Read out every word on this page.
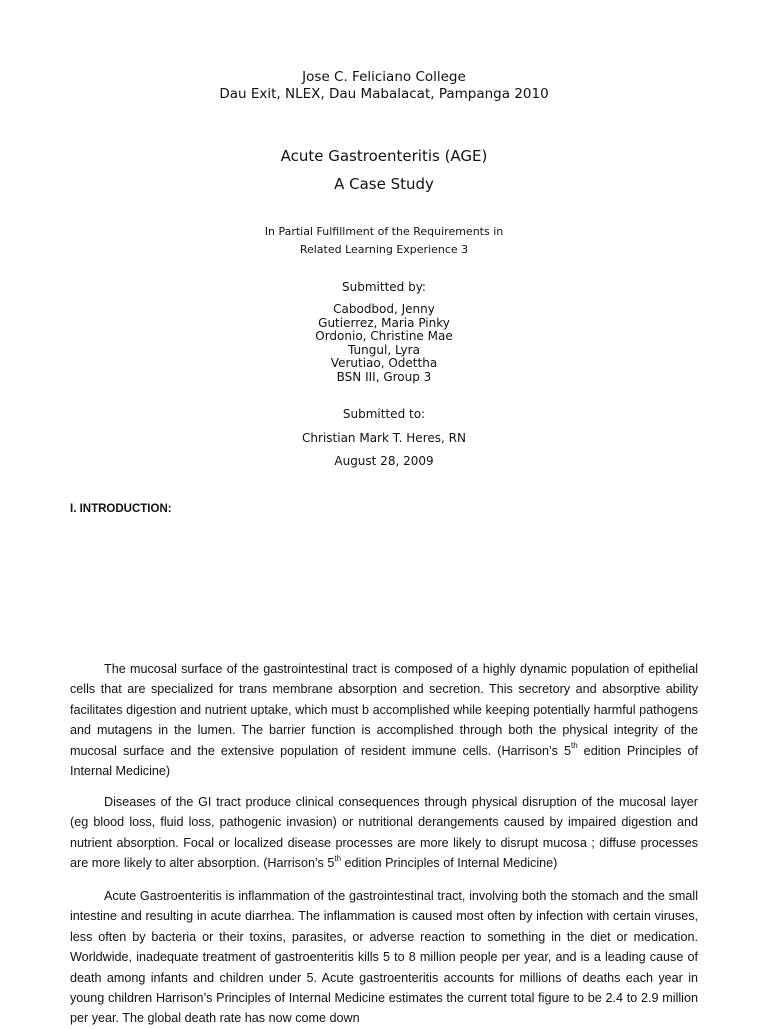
Jose C. Feliciano College
Dau Exit, NLEX, Dau Mabalacat, Pampanga 2010
Acute Gastroenteritis (AGE)
A Case Study
In Partial Fulfillment of the Requirements in
Related Learning Experience 3
Submitted by:
Cabodbod, Jenny
Gutierrez, Maria Pinky
Ordonio, Christine Mae
Tungul, Lyra
Verutiao, Odettha
BSN III, Group 3
Submitted to:
Christian Mark T. Heres, RN
August 28, 2009
I. INTRODUCTION:
The mucosal surface of the gastrointestinal tract is composed of a highly dynamic population of epithelial cells that are specialized for trans membrane absorption and secretion. This secretory and absorptive ability facilitates digestion and nutrient uptake, which must b accomplished while keeping potentially harmful pathogens and mutagens in the lumen. The barrier function is accomplished through both the physical integrity of the mucosal surface and the extensive population of resident immune cells. (Harrison’s 5th edition Principles of Internal Medicine)
Diseases of the GI tract produce clinical consequences through physical disruption of the mucosal layer (eg blood loss, fluid loss, pathogenic invasion) or nutritional derangements caused by impaired digestion and nutrient absorption. Focal or localized disease processes are more likely to disrupt mucosa ; diffuse processes are more likely to alter absorption. (Harrison’s 5th edition Principles of Internal Medicine)
Acute Gastroenteritis is inflammation of the gastrointestinal tract, involving both the stomach and the small intestine and resulting in acute diarrhea. The inflammation is caused most often by infection with certain viruses, less often by bacteria or their toxins, parasites, or adverse reaction to something in the diet or medication. Worldwide, inadequate treatment of gastroenteritis kills 5 to 8 million people per year, and is a leading cause of death among infants and children under 5. Acute gastroenteritis accounts for millions of deaths each year in young children Harrison’s Principles of Internal Medicine estimates the current total figure to be 2.4 to 2.9 million per year. The global death rate has now come down
